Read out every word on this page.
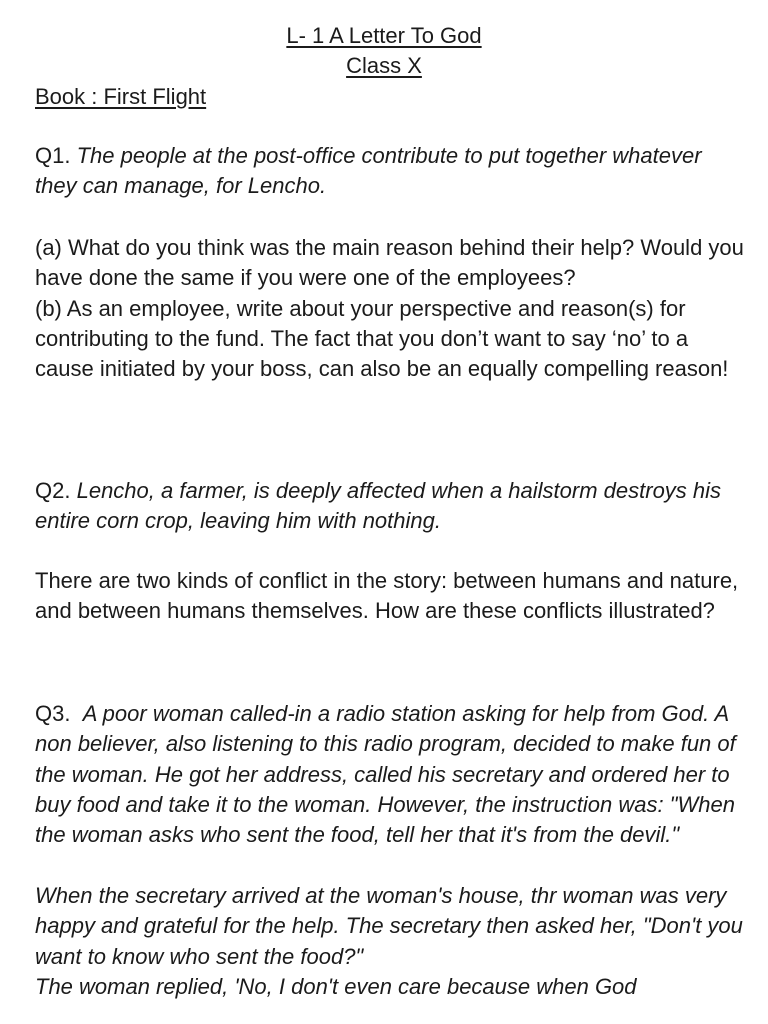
L- 1 A Letter To God
Class X
Book : First Flight

Q1. The people at the post-office contribute to put together whatever they can manage, for Lencho.

(a) What do you think was the main reason behind their help? Would you have done the same if you were one of the employees?
(b) As an employee, write about your perspective and reason(s) for contributing to the fund. The fact that you don’t want to say ‘no’ to a cause initiated by your boss, can also be an equally compelling reason!

Q2. Lencho, a farmer, is deeply affected when a hailstorm destroys his entire corn crop, leaving him with nothing.

There are two kinds of conflict in the story: between humans and nature, and between humans themselves. How are these conflicts illustrated?

Q3. A poor woman called-in a radio station asking for help from God. A non believer, also listening to this radio program, decided to make fun of the woman. He got her address, called his secretary and ordered her to buy food and take it to the woman. However, the instruction was: "When the woman asks who sent the food, tell her that it's from the devil."

When the secretary arrived at the woman's house, thr woman was very happy and grateful for the help. The secretary then asked her, "Don't you want to know who sent the food?"
The woman replied, 'No, I don't even care because when God
